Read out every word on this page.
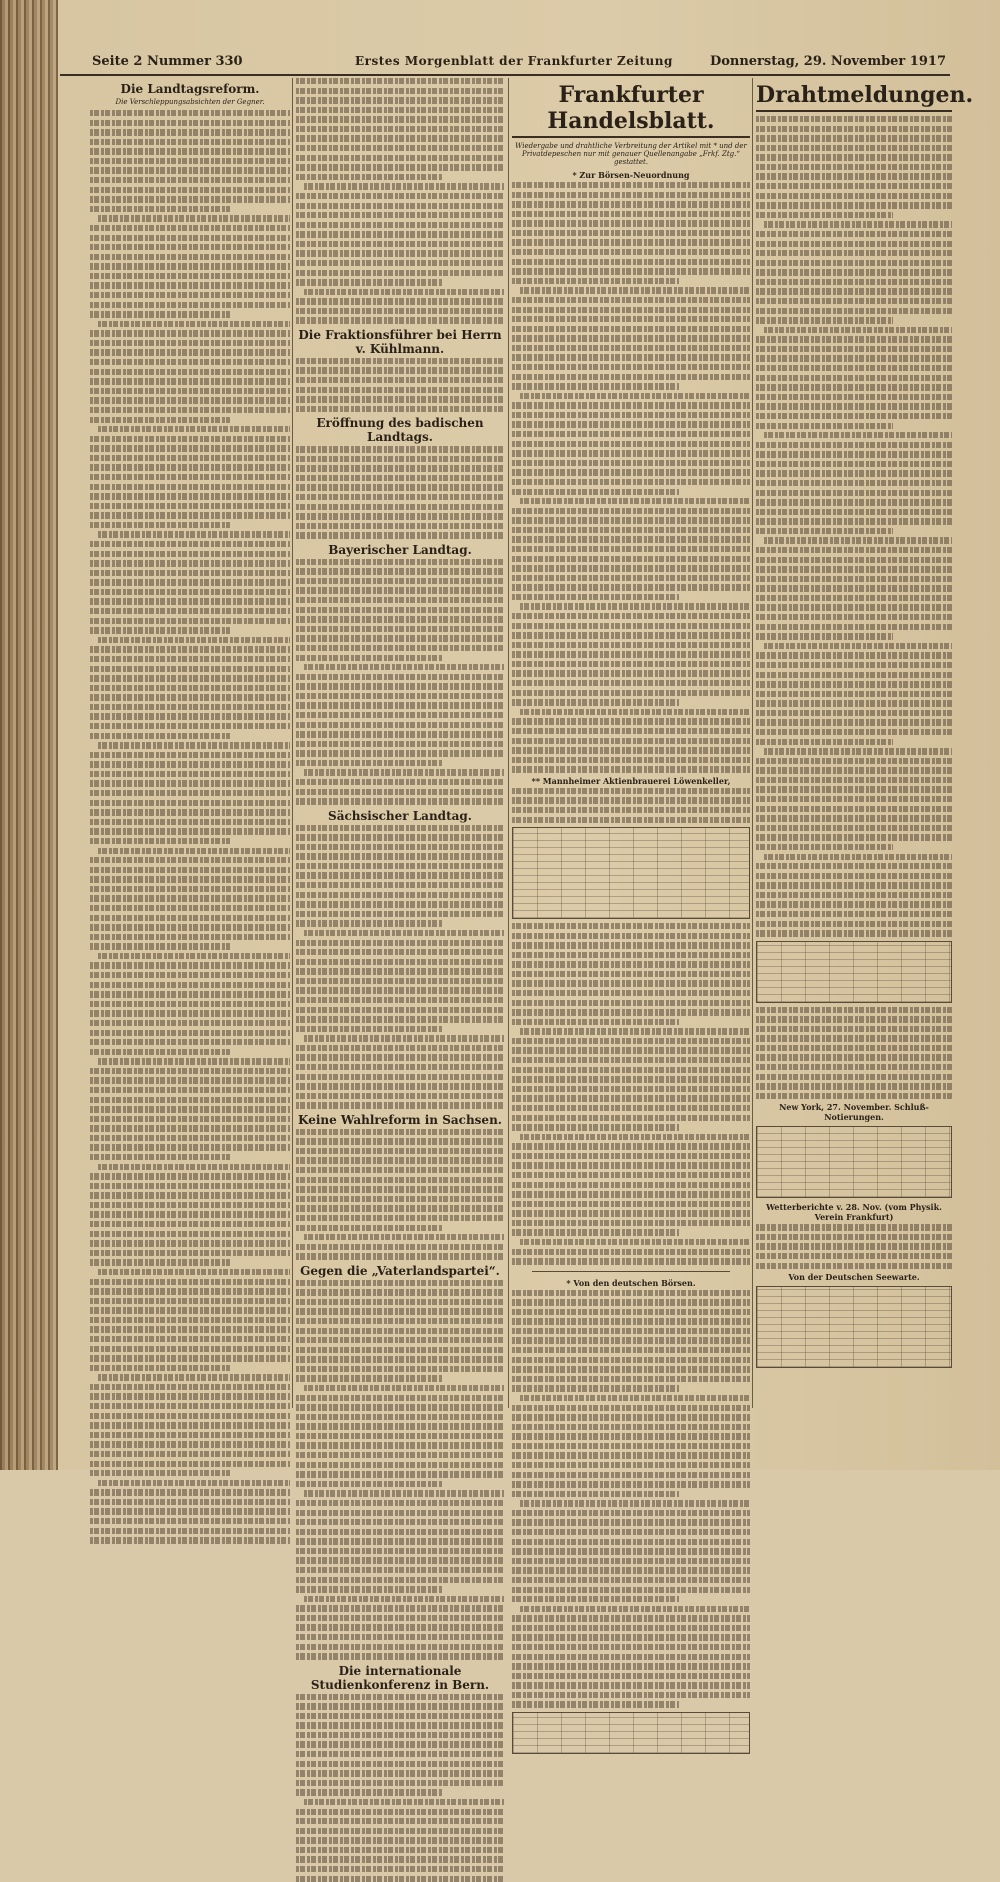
Seite 2 Nummer 330	Erstes Morgenblatt der Frankfurter Zeitung	Donnerstag, 29. November 1917
Die Landtagsreform.
Die Verschleppungsabsichten der Gegner.
Die Fraktionsführer bei Herrn v. Kühlmann.
Eröffnung des badischen Landtags.
Bayerischer Landtag.
Sächsischer Landtag.
Keine Wahlreform in Sachsen.
Gegen die „Vaterlandspartei“.
Die internationale Studienkonferenz in Bern.
Frankfurter Handelsblatt.
Wiedergabe und drahtliche Verbreitung der Artikel mit * und der Privatdepeschen nur mit genauer Quellenangabe „Frkf. Ztg.“ gestattet.
* Zur Börsen-Neuordnung
** Mannheimer Aktienbrauerei Löwenkeller,
* Von den deutschen Börsen.
Drahtmeldungen.
New York, 27. November. Schluß-Notierungen.
Wetterberichte v. 28. Nov. (vom Physik. Verein Frankfurt)
Von der Deutschen Seewarte.
